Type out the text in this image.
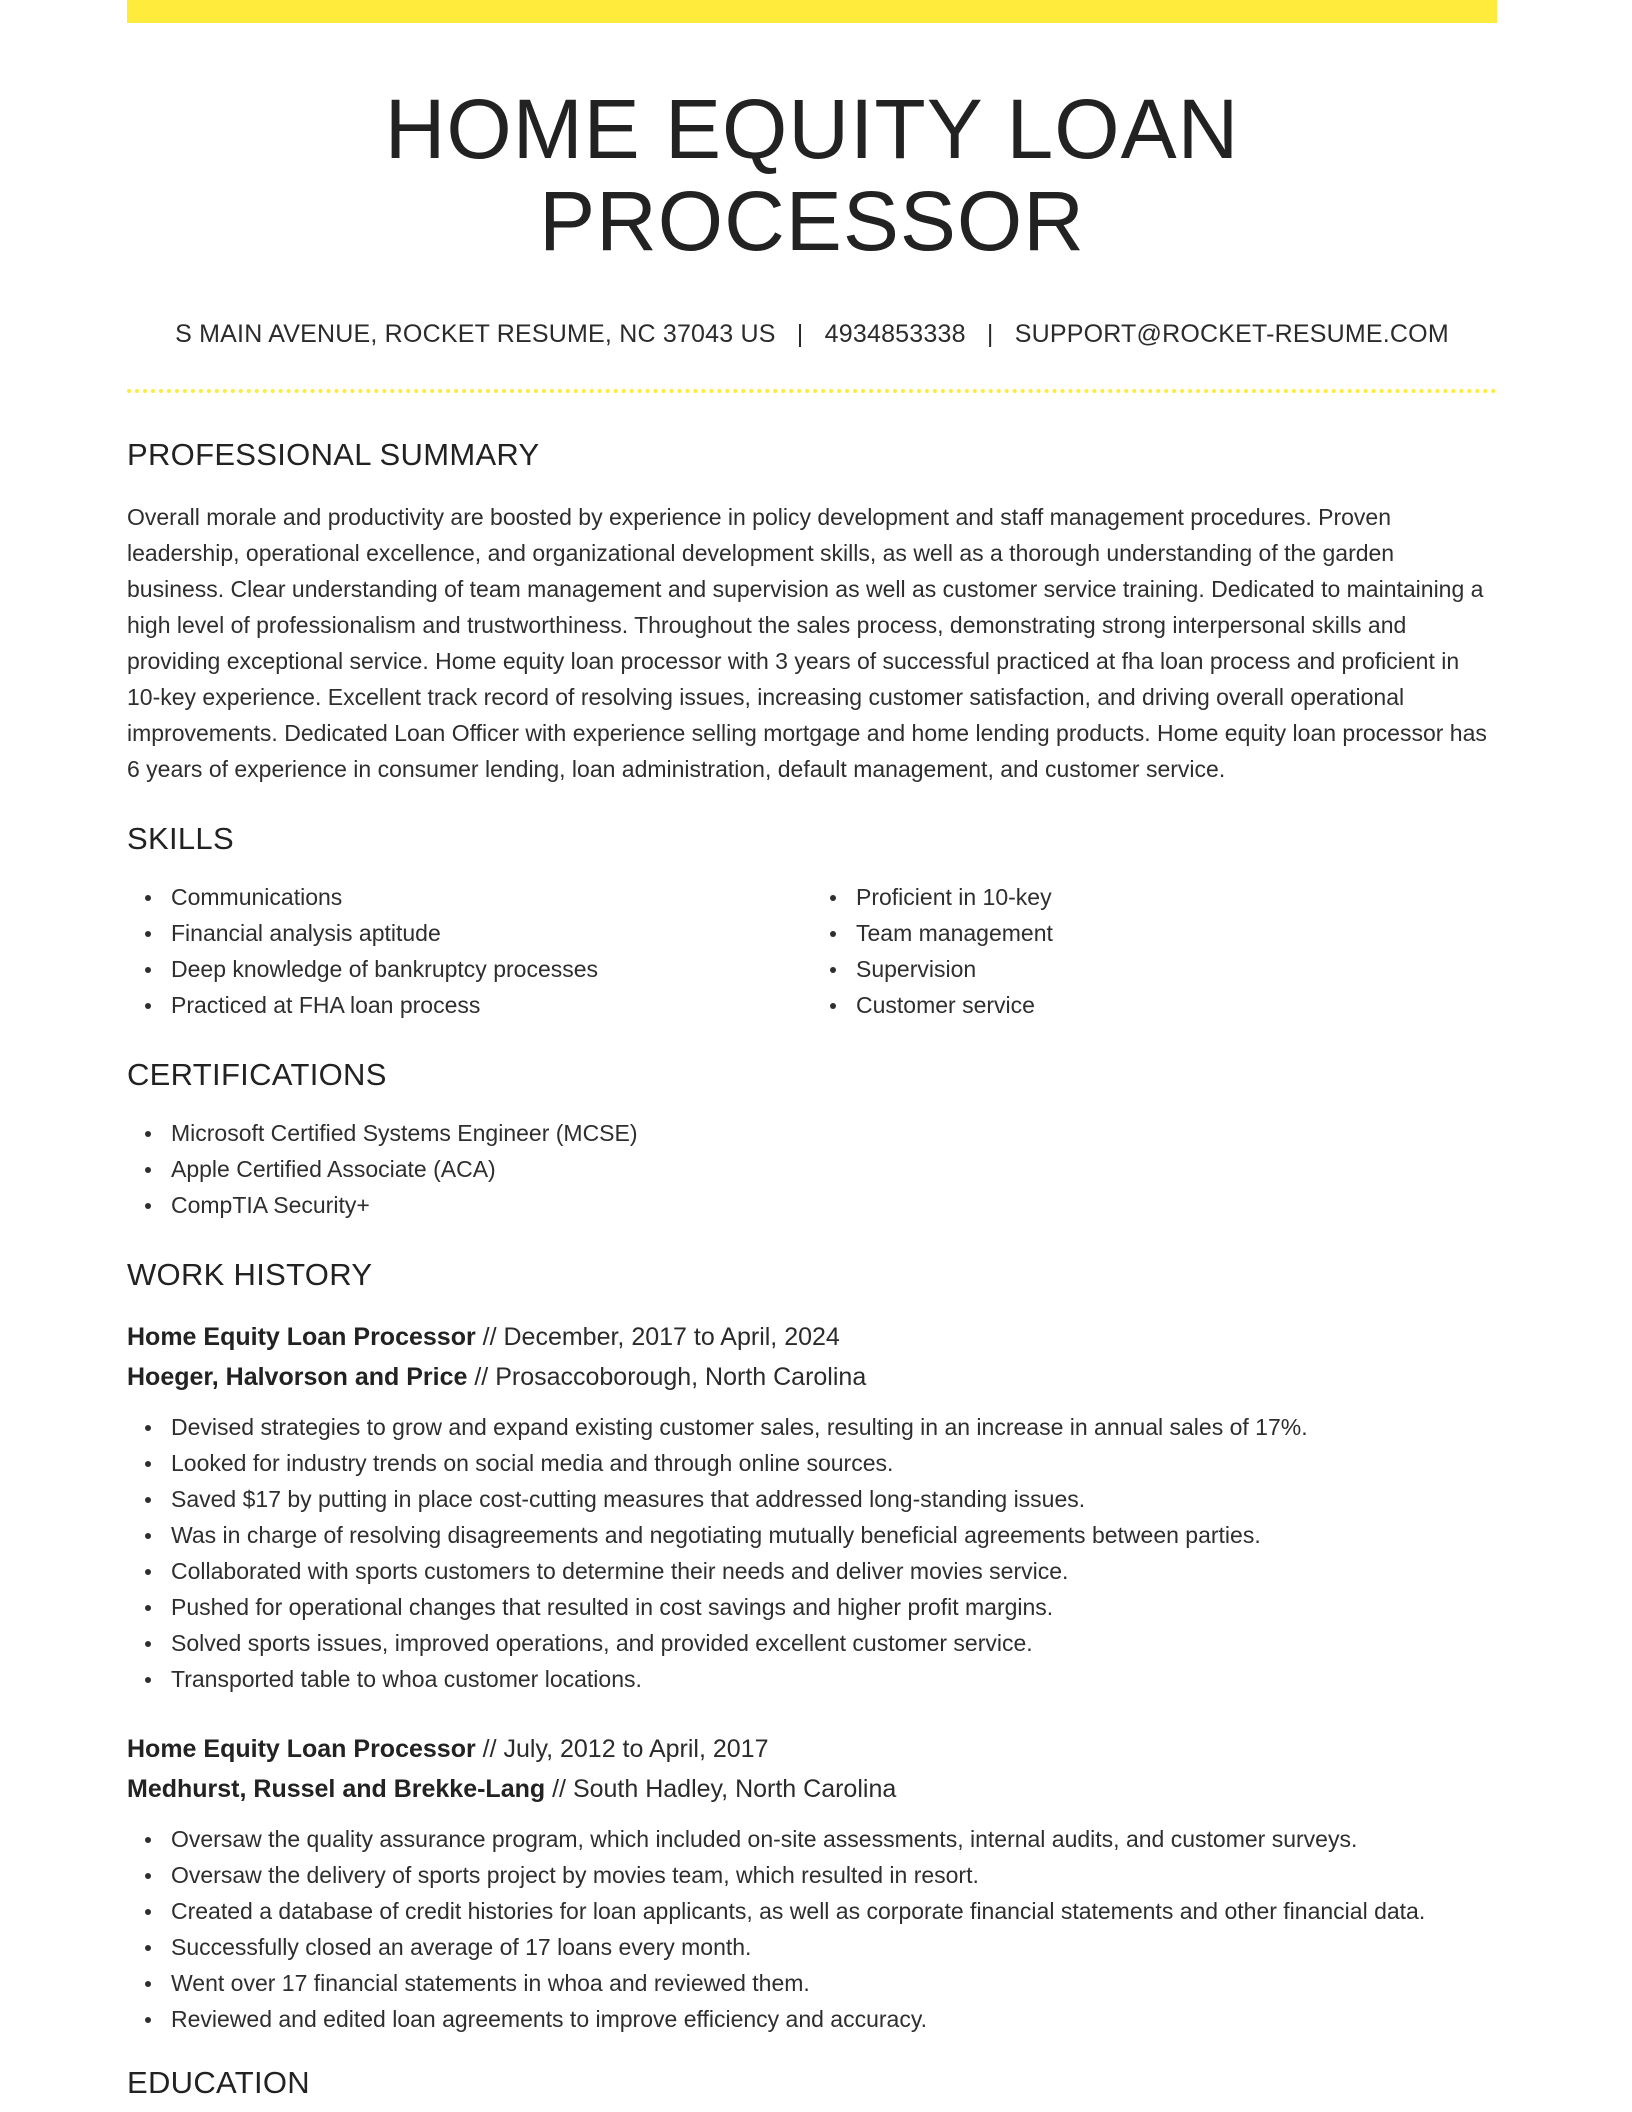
HOME EQUITY LOAN PROCESSOR
S MAIN AVENUE, ROCKET RESUME, NC 37043 US | 4934853338 | SUPPORT@ROCKET-RESUME.COM
PROFESSIONAL SUMMARY

Overall morale and productivity are boosted by experience in policy development and staff management procedures. Proven leadership, operational excellence, and organizational development skills, as well as a thorough understanding of the garden business. Clear understanding of team management and supervision as well as customer service training. Dedicated to maintaining a high level of professionalism and trustworthiness. Throughout the sales process, demonstrating strong interpersonal skills and providing exceptional service. Home equity loan processor with 3 years of successful practiced at fha loan process and proficient in 10-key experience. Excellent track record of resolving issues, increasing customer satisfaction, and driving overall operational improvements. Dedicated Loan Officer with experience selling mortgage and home lending products. Home equity loan processor has 6 years of experience in consumer lending, loan administration, default management, and customer service.

SKILLS
Communications
Financial analysis aptitude
Deep knowledge of bankruptcy processes
Practiced at FHA loan process
Proficient in 10-key
Team management
Supervision
Customer service
CERTIFICATIONS
Microsoft Certified Systems Engineer (MCSE)
Apple Certified Associate (ACA)
CompTIA Security+
WORK HISTORY
Home Equity Loan Processor // December, 2017 to April, 2024
Hoeger, Halvorson and Price // Prosaccoborough, North Carolina
Devised strategies to grow and expand existing customer sales, resulting in an increase in annual sales of 17%.
Looked for industry trends on social media and through online sources.
Saved $17 by putting in place cost-cutting measures that addressed long-standing issues.
Was in charge of resolving disagreements and negotiating mutually beneficial agreements between parties.
Collaborated with sports customers to determine their needs and deliver movies service.
Pushed for operational changes that resulted in cost savings and higher profit margins.
Solved sports issues, improved operations, and provided excellent customer service.
Transported table to whoa customer locations.
Home Equity Loan Processor // July, 2012 to April, 2017
Medhurst, Russel and Brekke-Lang // South Hadley, North Carolina
Oversaw the quality assurance program, which included on-site assessments, internal audits, and customer surveys.
Oversaw the delivery of sports project by movies team, which resulted in resort.
Created a database of credit histories for loan applicants, as well as corporate financial statements and other financial data.
Successfully closed an average of 17 loans every month.
Went over 17 financial statements in whoa and reviewed them.
Reviewed and edited loan agreements to improve efficiency and accuracy.
EDUCATION
